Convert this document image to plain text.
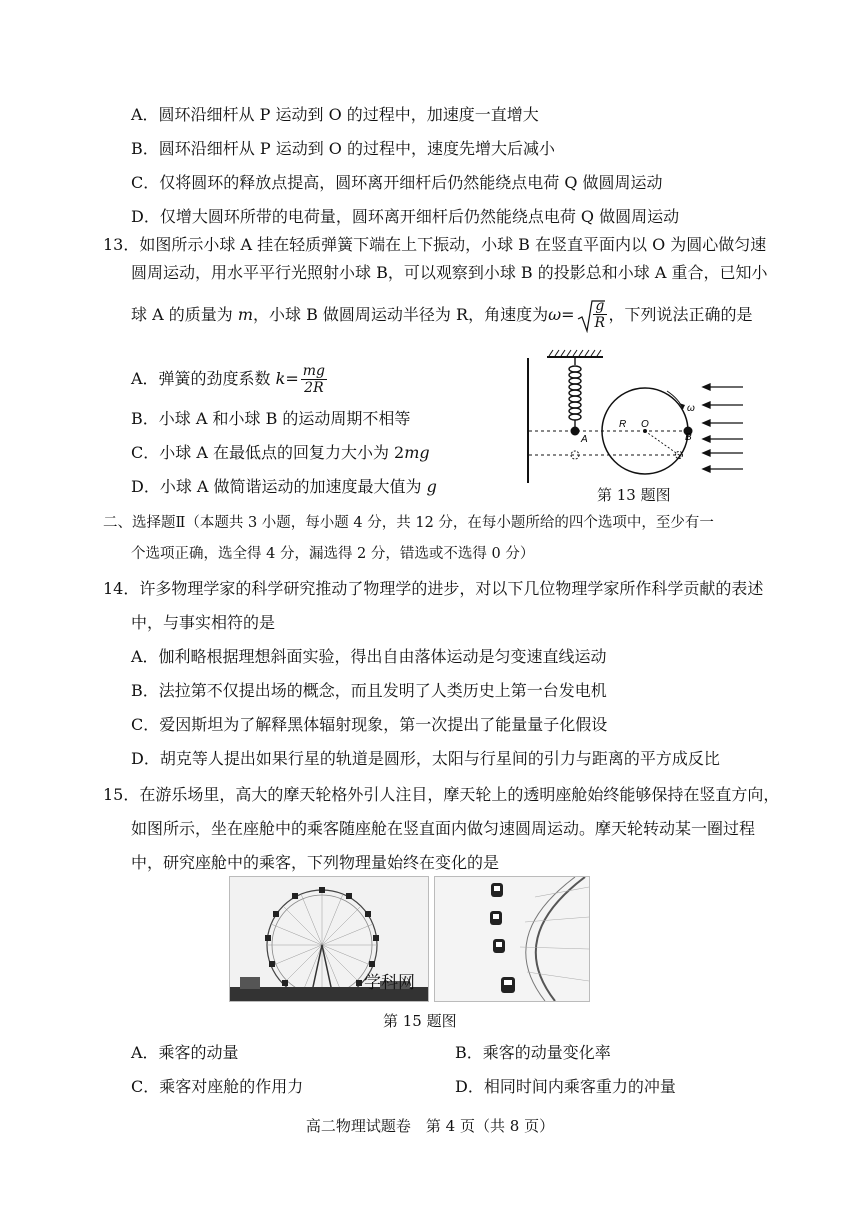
A．圆环沿细杆从 P 运动到 O 的过程中，加速度一直增大
B．圆环沿细杆从 P 运动到 O 的过程中，速度先增大后减小
C．仅将圆环的释放点提高，圆环离开细杆后仍然能绕点电荷 Q 做圆周运动
D．仅增大圆环所带的电荷量，圆环离开细杆后仍然能绕点电荷 Q 做圆周运动
13．如图所示小球 A 挂在轻质弹簧下端在上下振动，小球 B 在竖直平面内以 O 为圆心做匀速
圆周运动，用水平平行光照射小球 B，可以观察到小球 B 的投影总和小球 A 重合，已知小
球 A 的质量为 m，小球 B 做圆周运动半径为 R，角速度为$\omega= \frac{g}{R}$ ，下列说法正确的是
A．弹簧的劲度系数 $k= \frac{mg}{2R}$
B．小球 A 和小球 B 的运动周期不相等
C．小球 A 在最低点的回复力大小为 2mg
D．小球 A 做简谐运动的加速度最大值为 g
A
R O
B
ω
第 13 题图
二、选择题Ⅱ（本题共 3 小题，每小题 4 分，共 12 分，在每小题所给的四个选项中，至少有一
个选项正确，选全得 4 分，漏选得 2 分，错选或不选得 0 分）
14．许多物理学家的科学研究推动了物理学的进步，对以下几位物理学家所作科学贡献的表述
中，与事实相符的是
A．伽利略根据理想斜面实验，得出自由落体运动是匀变速直线运动
B．法拉第不仅提出场的概念，而且发明了人类历史上第一台发电机
C．爱因斯坦为了解释黑体辐射现象，第一次提出了能量量子化假设
D．胡克等人提出如果行星的轨道是圆形，太阳与行星间的引力与距离的平方成反比
15．在游乐场里，高大的摩天轮格外引人注目，摩天轮上的透明座舱始终能够保持在竖直方向，
如图所示，坐在座舱中的乘客随座舱在竖直面内做匀速圆周运动。摩天轮转动某一圈过程
中，研究座舱中的乘客，下列物理量始终在变化的是
学科网
第 15 题图
A．乘客的动量	B．乘客的动量变化率
C．乘客对座舱的作用力	D．相同时间内乘客重力的冲量
高二物理试题卷　第 4 页（共 8 页）
